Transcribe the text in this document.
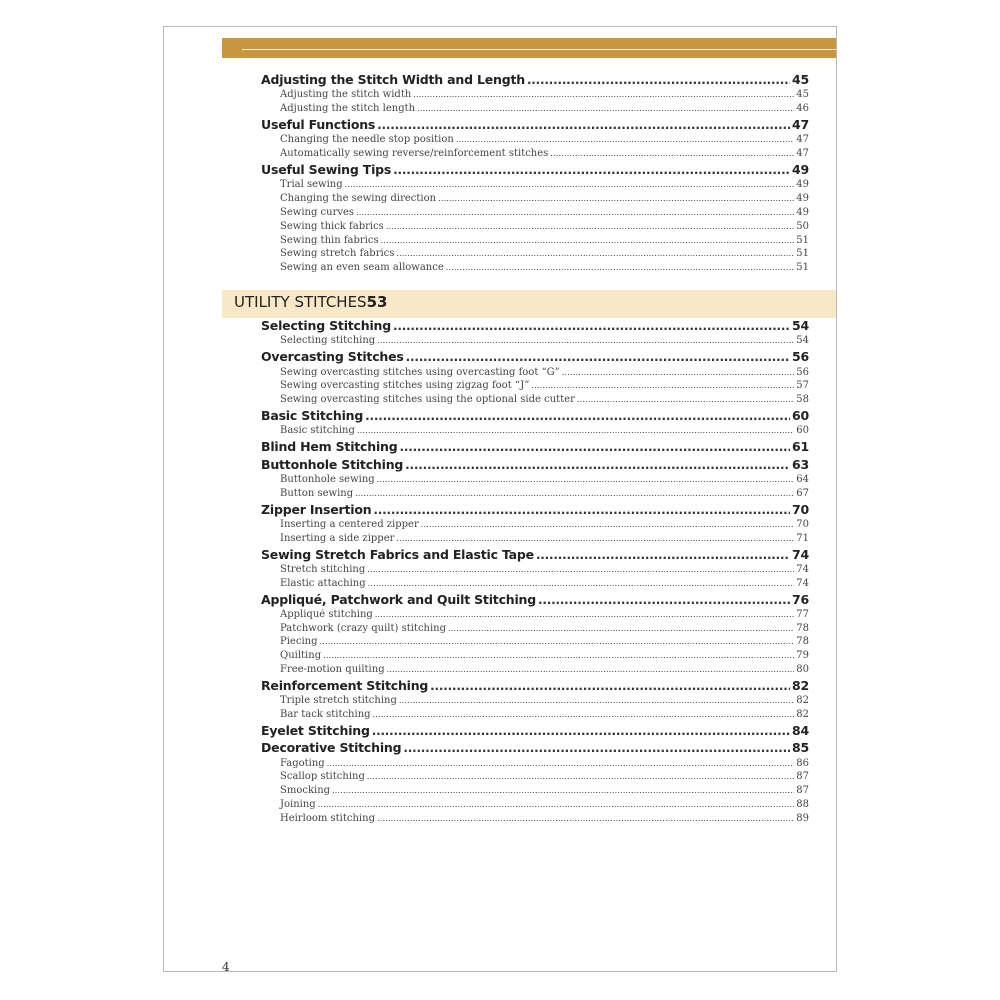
Adjusting the Stitch Width and Length .....	45
Adjusting the stitch width .....	45
Adjusting the stitch length .....	46
Useful Functions .....	47
Changing the needle stop position .....	47
Automatically sewing reverse/reinforcement stitches .....	47
Useful Sewing Tips .....	49
Trial sewing .....	49
Changing the sewing direction .....	49
Sewing curves .....	49
Sewing thick fabrics .....	50
Sewing thin fabrics .....	51
Sewing stretch fabrics .....	51
Sewing an even seam allowance .....	51
UTILITY STITCHES 53
Selecting Stitching .....	54
Selecting stitching .....	54
Overcasting Stitches .....	56
Sewing overcasting stitches using overcasting foot “G” .....	56
Sewing overcasting stitches using zigzag foot “J” .....	57
Sewing overcasting stitches using the optional side cutter .....	58
Basic Stitching .....	60
Basic stitching .....	60
Blind Hem Stitching .....	61
Buttonhole Stitching .....	63
Buttonhole sewing .....	64
Button sewing .....	67
Zipper Insertion .....	70
Inserting a centered zipper .....	70
Inserting a side zipper .....	71
Sewing Stretch Fabrics and Elastic Tape .....	74
Stretch stitching .....	74
Elastic attaching .....	74
Appliqué, Patchwork and Quilt Stitching .....	76
Appliqué stitching .....	77
Patchwork (crazy quilt) stitching .....	78
Piecing .....	78
Quilting .....	79
Free-motion quilting .....	80
Reinforcement Stitching .....	82
Triple stretch stitching .....	82
Bar tack stitching .....	82
Eyelet Stitching .....	84
Decorative Stitching .....	85
Fagoting .....	86
Scallop stitching .....	87
Smocking .....	87
Joining .....	88
Heirloom stitching .....	89
4
